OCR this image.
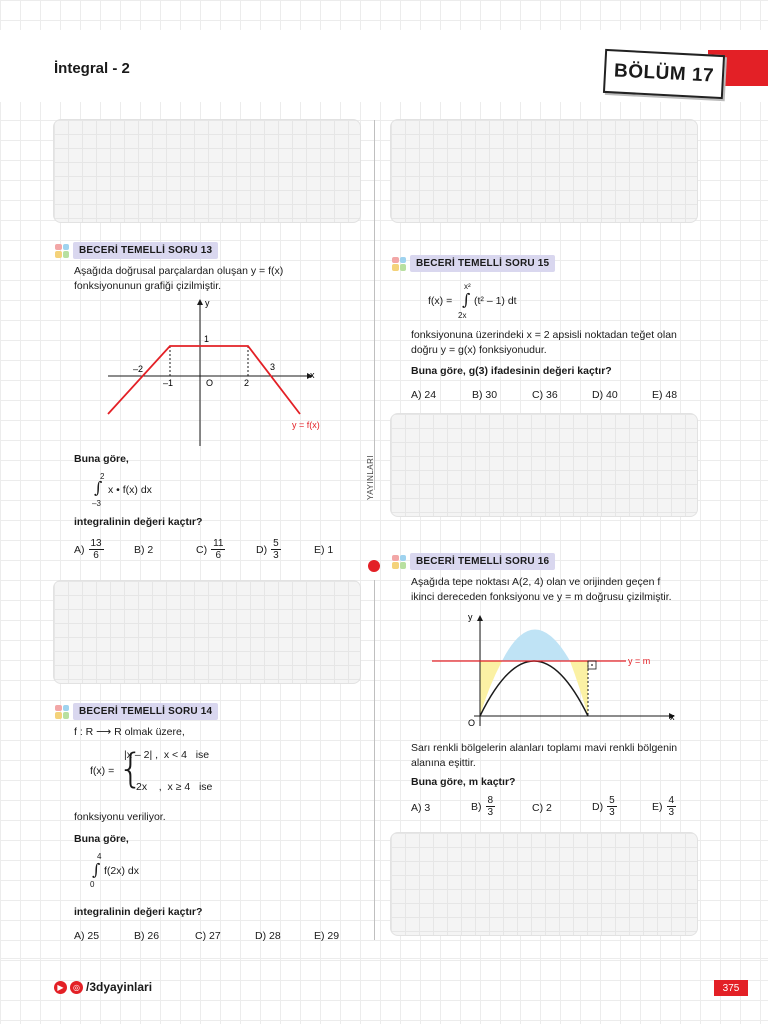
İntegral - 2	BÖLÜM 17
YAYINLARI
BECERİ TEMELLİ SORU 13
Aşağıda doğrusal parçalardan oluşan y = f(x)
fonksiyonunun grafiği çizilmiştir.
y
x
1
–2
–1	O	2
3
y = f(x)
Buna göre,
2
∫ x • f(x) dx
–3
integralinin değeri kaçtır?
$A) \frac{13}{6}$	B) 2	$C) \frac{11}{6}$	$D) \frac{5}{3}$	E) 1
BECERİ TEMELLİ SORU 14
f : R ⟶ R olmak üzere,
f(x) = {
|x – 2| ,  x < 4   ise
2x    ,  x ≥ 4   ise
fonksiyonu veriliyor.
Buna göre,
4
∫ f(2x) dx
0
integralinin değeri kaçtır?
A) 25	B) 26	C) 27	D) 28	E) 29
BECERİ TEMELLİ SORU 15
f(x) =
x²
∫ (t² – 1) dt
2x
fonksiyonuna üzerindeki x = 2 apsisli noktadan teğet olan
doğru y = g(x) fonksiyonudur.
Buna göre, g(3) ifadesinin değeri kaçtır?
A) 24	B) 30	C) 36	D) 40	E) 48
BECERİ TEMELLİ SORU 16
Aşağıda tepe noktası A(2, 4) olan ve orijinden geçen f
ikinci dereceden fonksiyonu ve y = m doğrusu çizilmiştir.
y
x
O
y = m
Sarı renkli bölgelerin alanları toplamı mavi renkli bölgenin
alanına eşittir.
Buna göre, m kaçtır?
A) 3	$B) \frac{8}{3}$	C) 2	$D) \frac{5}{3}$	$E) \frac{4}{3}$
▶	◎ /3dyayinlari	375
